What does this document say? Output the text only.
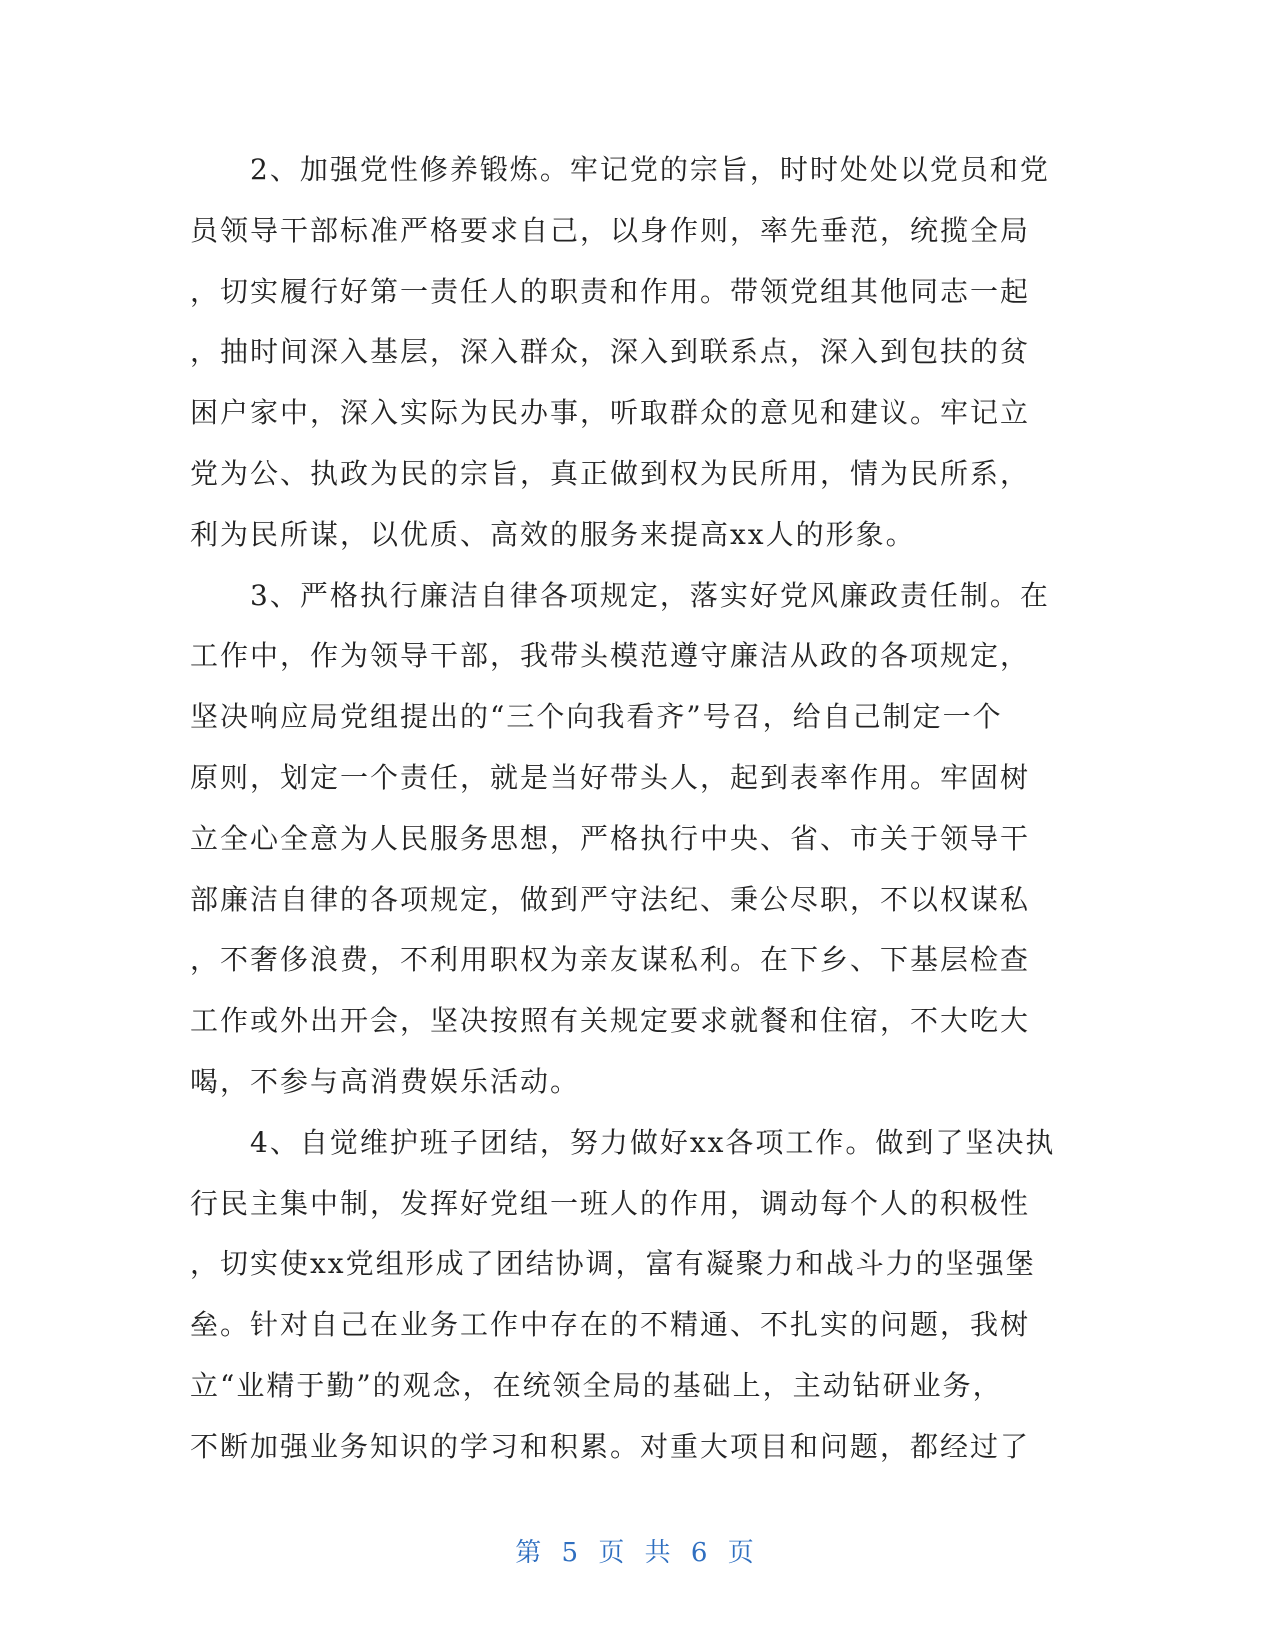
　　2、加强党性修养锻炼。牢记党的宗旨，时时处处以党员和党
员领导干部标准严格要求自己，以身作则，率先垂范，统揽全局
，切实履行好第一责任人的职责和作用。带领党组其他同志一起
，抽时间深入基层，深入群众，深入到联系点，深入到包扶的贫
困户家中，深入实际为民办事，听取群众的意见和建议。牢记立
党为公、执政为民的宗旨，真正做到权为民所用，情为民所系，
利为民所谋，以优质、高效的服务来提高xx人的形象。
　　3、严格执行廉洁自律各项规定，落实好党风廉政责任制。在
工作中，作为领导干部，我带头模范遵守廉洁从政的各项规定，
坚决响应局党组提出的“三个向我看齐”号召，给自己制定一个
原则，划定一个责任，就是当好带头人，起到表率作用。牢固树
立全心全意为人民服务思想，严格执行中央、省、市关于领导干
部廉洁自律的各项规定，做到严守法纪、秉公尽职，不以权谋私
，不奢侈浪费，不利用职权为亲友谋私利。在下乡、下基层检查
工作或外出开会，坚决按照有关规定要求就餐和住宿，不大吃大
喝，不参与高消费娱乐活动。
　　4、自觉维护班子团结，努力做好xx各项工作。做到了坚决执
行民主集中制，发挥好党组一班人的作用，调动每个人的积极性
，切实使xx党组形成了团结协调，富有凝聚力和战斗力的坚强堡
垒。针对自己在业务工作中存在的不精通、不扎实的问题，我树
立“业精于勤”的观念，在统领全局的基础上，主动钻研业务，
不断加强业务知识的学习和积累。对重大项目和问题，都经过了
第 5 页 共 6 页
